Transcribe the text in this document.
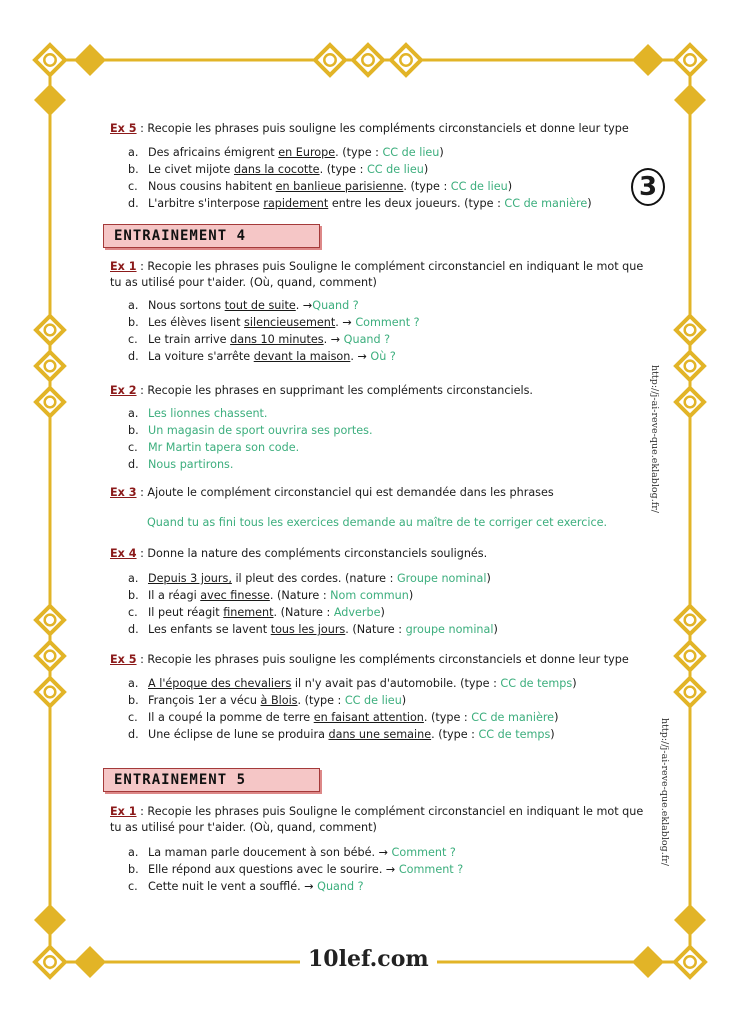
Ex 5 : Recopie les phrases puis souligne les compléments circonstanciels et donne leur type
a. Des africains émigrent en Europe. (type : CC de lieu)
b. Le civet mijote dans la cocotte. (type : CC de lieu)
c. Nous cousins habitent en banlieue parisienne. (type : CC de lieu)
d. L'arbitre s'interpose rapidement entre les deux joueurs. (type : CC de manière)
3
ENTRAINEMENT 4
Ex 1 : Recopie les phrases puis Souligne le complément circonstanciel en indiquant le mot que
tu as utilisé pour t'aider. (Où, quand, comment)
a. Nous sortons tout de suite. →Quand ?
b. Les élèves lisent silencieusement. → Comment ?
c. Le train arrive dans 10 minutes. → Quand ?
d. La voiture s'arrête devant la maison. → Où ?
Ex 2 : Recopie les phrases en supprimant les compléments circonstanciels.
a. Les lionnes chassent.
b. Un magasin de sport ouvrira ses portes.
c. Mr Martin tapera son code.
d. Nous partirons.
Ex 3 : Ajoute le complément circonstanciel qui est demandée dans les phrases
Quand tu as fini tous les exercices demande au maître de te corriger cet exercice.
Ex 4 : Donne la nature des compléments circonstanciels soulignés.
a. Depuis 3 jours, il pleut des cordes. (nature : Groupe nominal)
b. Il a réagi avec finesse. (Nature : Nom commun)
c. Il peut réagit finement. (Nature : Adverbe)
d. Les enfants se lavent tous les jours. (Nature : groupe nominal)
Ex 5 : Recopie les phrases puis souligne les compléments circonstanciels et donne leur type
a. A l'époque des chevaliers il n'y avait pas d'automobile. (type : CC de temps)
b. François 1er a vécu à Blois. (type : CC de lieu)
c. Il a coupé la pomme de terre en faisant attention. (type : CC de manière)
d. Une éclipse de lune se produira dans une semaine. (type : CC de temps)
ENTRAINEMENT 5
Ex 1 : Recopie les phrases puis Souligne le complément circonstanciel en indiquant le mot que
tu as utilisé pour t'aider. (Où, quand, comment)
a. La maman parle doucement à son bébé. → Comment ?
b. Elle répond aux questions avec le sourire. → Comment ?
c. Cette nuit le vent a soufflé. → Quand ?
http://j-ai-reve-que.eklablog.fr/
http://j-ai-reve-que.eklablog.fr/
10lef.com
